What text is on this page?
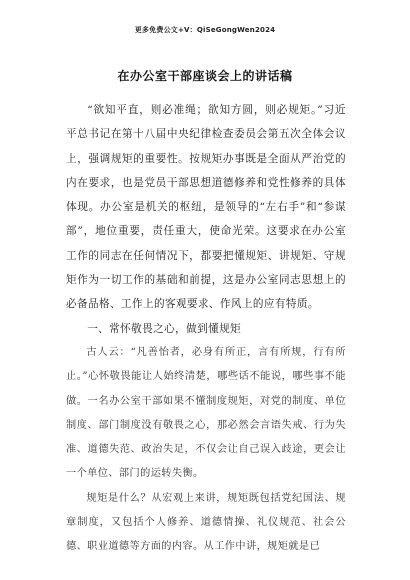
更多免费公文+V：QiSeGongWen2024
在办公室干部座谈会上的讲话稿

“欲知平直，则必准绳；欲知方圆，则必规矩。”习近平总书记在第十八届中央纪律检查委员会第五次全体会议上，强调规矩的重要性。按规矩办事既是全面从严治党的内在要求，也是党员干部思想道德修养和党性修养的具体体现。办公室是机关的枢纽，是领导的“左右手”和“参谋部”，地位重要，责任重大，使命光荣。这要求在办公室工作的同志在任何情况下，都要把懂规矩、讲规矩、守规矩作为一切工作的基础和前提，这是办公室同志思想上的必备品格、工作上的客观要求、作风上的应有特质。

一、常怀敬畏之心，做到懂规矩

古人云：“凡善怡者，必身有所正，言有所规，行有所止。”心怀敬畏能让人始终清楚，哪些话不能说，哪些事不能做。一名办公室干部如果不懂制度规矩，对党的制度、单位制度、部门制度没有敬畏之心，那必然会言语失戒、行为失准、道德失范、政治失足，不仅会让自己误入歧途，更会让一个单位、部门的运转失衡。

规矩是什么？从宏观上来讲，规矩既包括党纪国法、规章制度，又包括个人修养、道德情操、礼仪规范、社会公德、职业道德等方面的内容。从工作中讲，规矩就是已
